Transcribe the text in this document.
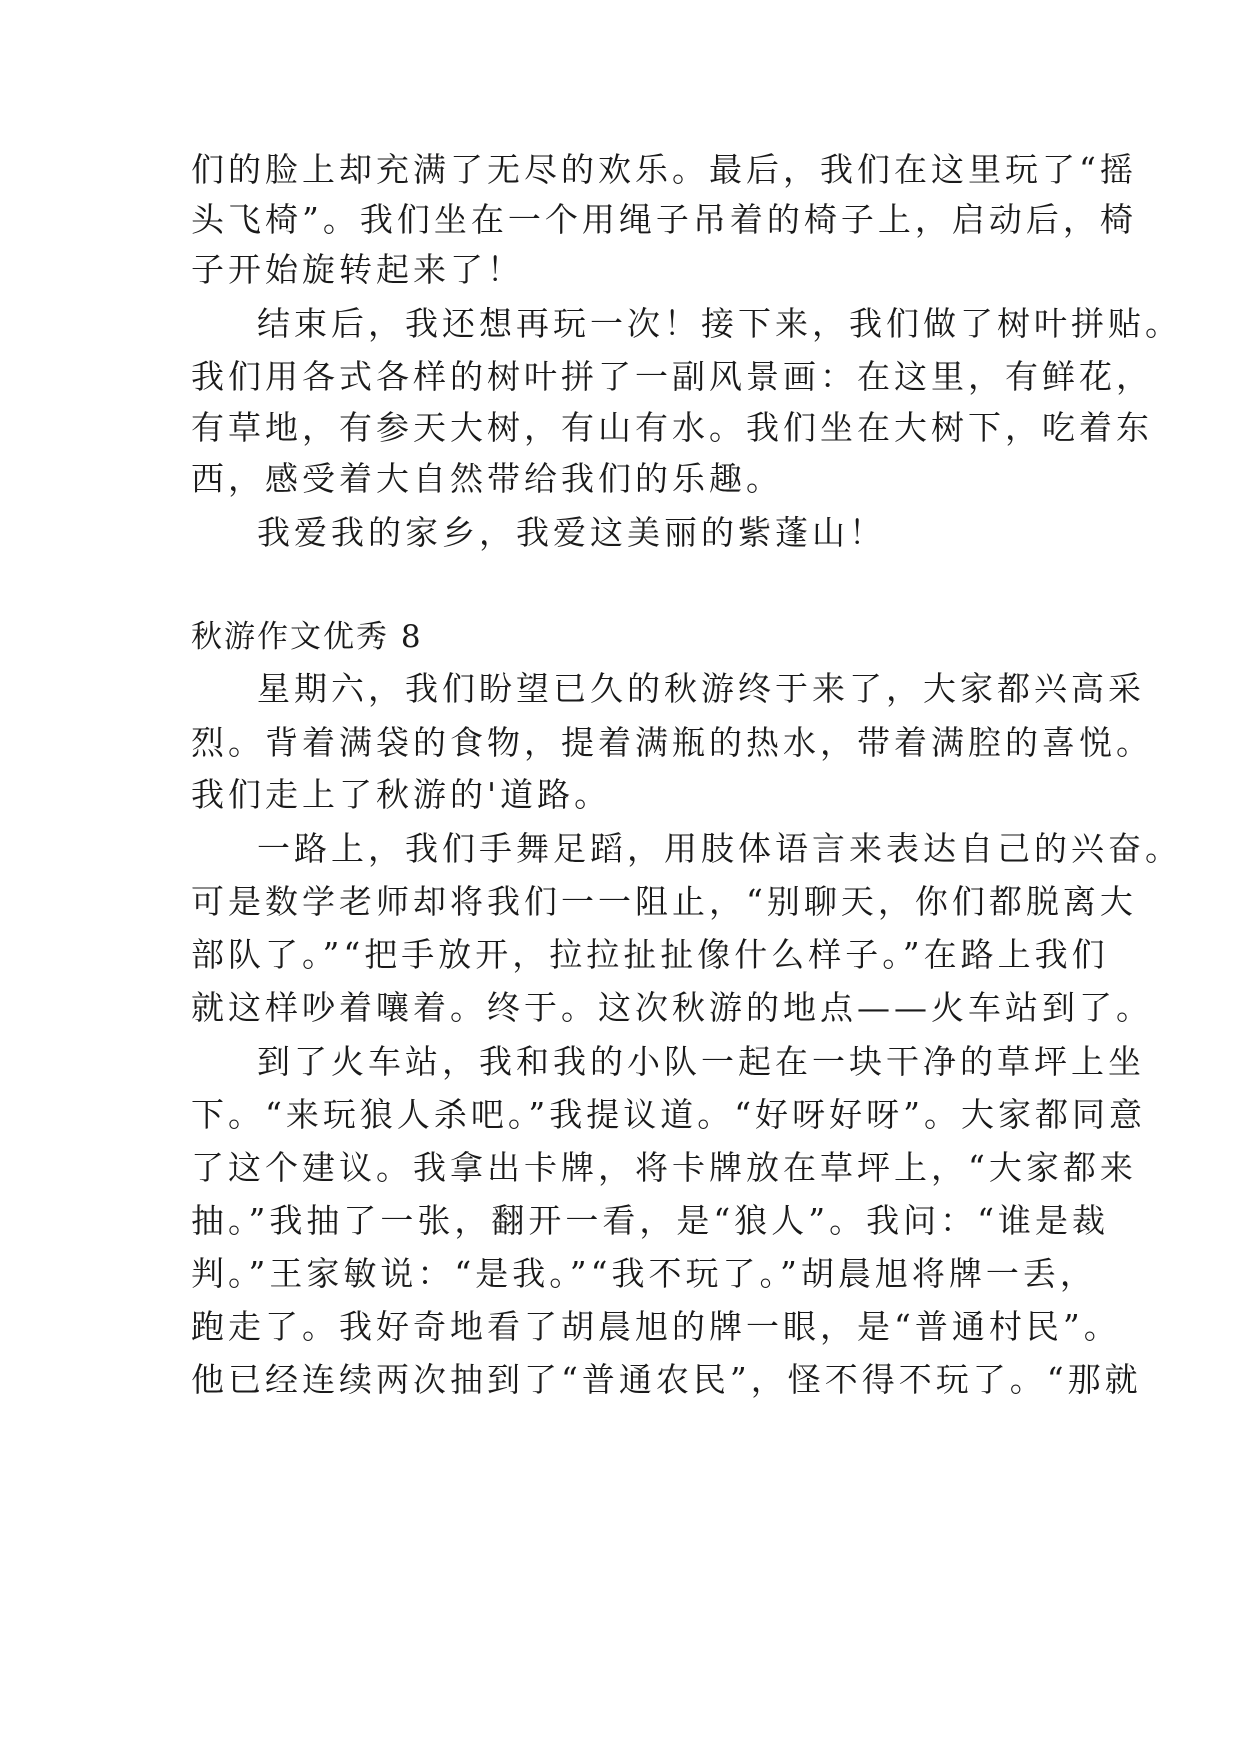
们的脸上却充满了无尽的欢乐。最后，我们在这里玩了“摇
头飞椅”。我们坐在一个用绳子吊着的椅子上，启动后，椅
子开始旋转起来了！
结束后，我还想再玩一次！接下来，我们做了树叶拼贴。
我们用各式各样的树叶拼了一副风景画：在这里，有鲜花，
有草地，有参天大树，有山有水。我们坐在大树下，吃着东
西，感受着大自然带给我们的乐趣。
我爱我的家乡，我爱这美丽的紫蓬山！
秋游作文优秀 8
星期六，我们盼望已久的秋游终于来了，大家都兴高采
烈。背着满袋的食物，提着满瓶的热水，带着满腔的喜悦。
我们走上了秋游的'道路。
一路上，我们手舞足蹈，用肢体语言来表达自己的兴奋。
可是数学老师却将我们一一阻止，“别聊天，你们都脱离大
部队了。”“把手放开，拉拉扯扯像什么样子。”在路上我们
就这样吵着嚷着。终于。这次秋游的地点——火车站到了。
到了火车站，我和我的小队一起在一块干净的草坪上坐
下。“来玩狼人杀吧。”我提议道。“好呀好呀”。大家都同意
了这个建议。我拿出卡牌，将卡牌放在草坪上，“大家都来
抽。”我抽了一张，翻开一看，是“狼人”。我问：“谁是裁
判。”王家敏说：“是我。”“我不玩了。”胡晨旭将牌一丢，
跑走了。我好奇地看了胡晨旭的牌一眼，是“普通村民”。
他已经连续两次抽到了“普通农民”，怪不得不玩了。“那就
